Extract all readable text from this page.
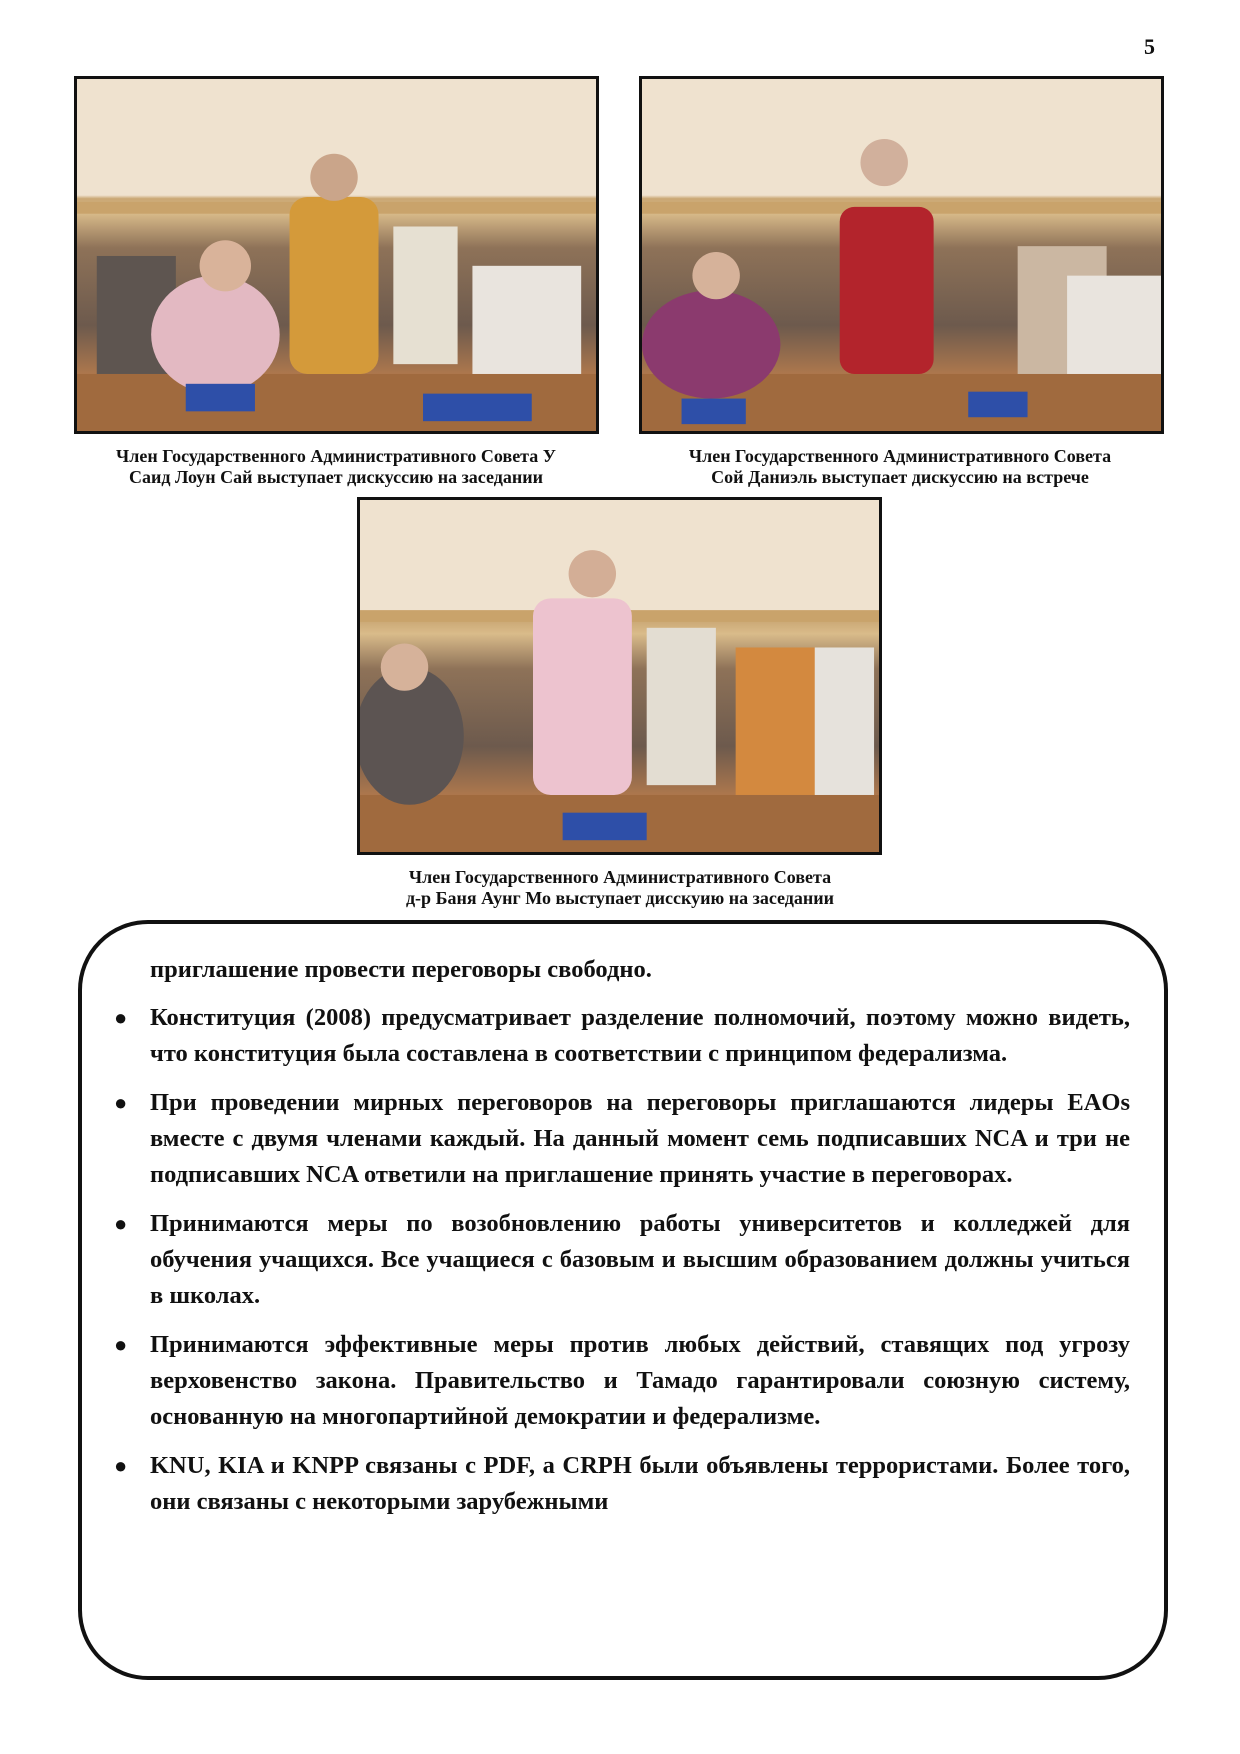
5
Член Государственного Административного Совета У
Саид Лоун Сай выступает дискуссию на заседании
Член Государственного Административного Совета
Сой Даниэль выступает дискуссию на встрече
Член Государственного Административного Совета
д-р Баня Аунг Мо выступает дисскуию на заседании

приглашение провести переговоры свободно.

● Конституция (2008) предусматривает разделение полномочий, поэтому можно видеть, что конституция была составлена в соответствии с принципом федерализма.
● При проведении мирных переговоров на переговоры приглашаются лидеры EAOs вместе с двумя членами каждый. На данный момент семь подписавших NCA и три не подписавших NCA ответили на приглашение принять участие в переговорах.
● Принимаются меры по возобновлению работы университетов и колледжей для обучения учащихся. Все учащиеся с базовым и высшим образованием должны учиться в школах.
● Принимаются эффективные меры против любых действий, ставящих под угрозу верховенство закона. Правительство и Тамадо гарантировали союзную систему, основанную на многопартийной демократии и федерализме.
● KNU, KIA и KNPP связаны с PDF, а CRPH были объявлены террористами. Более того, они связаны с некоторыми зарубежными
